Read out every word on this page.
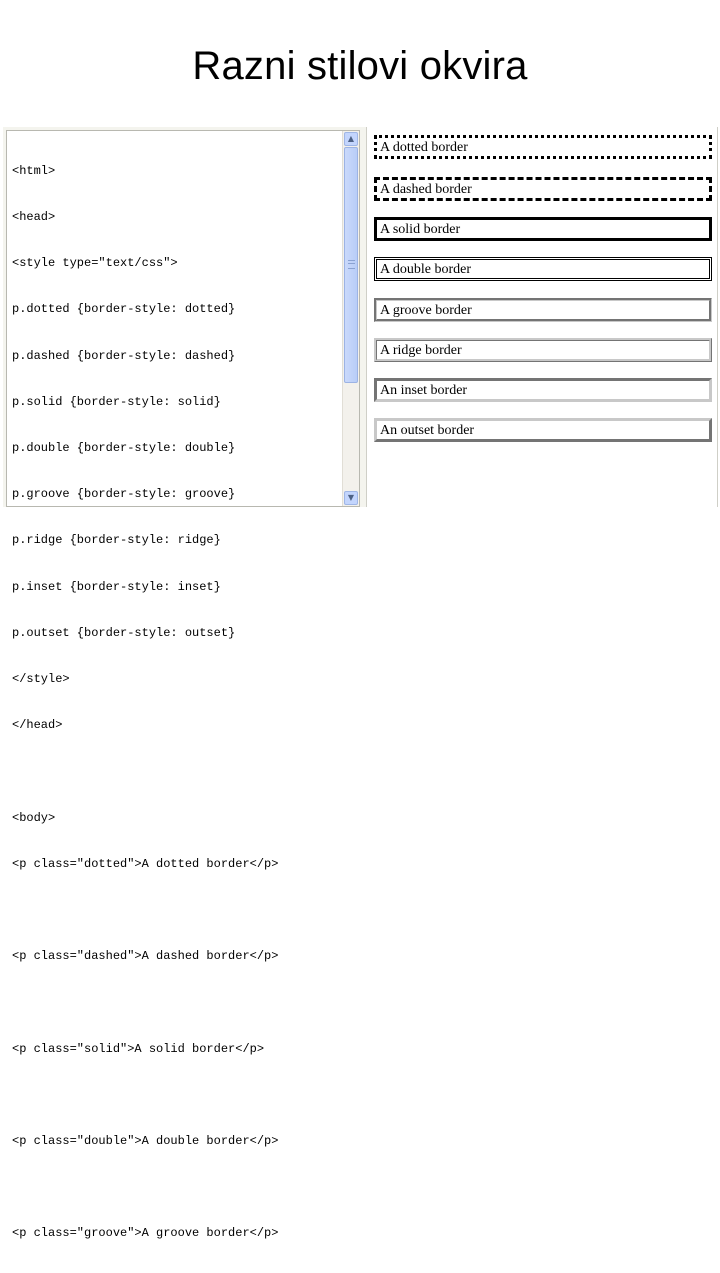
Razni stilovi okvira

<html>

<head>

<style type="text/css">

p.dotted {border-style: dotted}

p.dashed {border-style: dashed}

p.solid {border-style: solid}

p.double {border-style: double}

p.groove {border-style: groove}

p.ridge {border-style: ridge}

p.inset {border-style: inset}

p.outset {border-style: outset}

</style>

</head>

<body>

<p class="dotted">A dotted border</p>

<p class="dashed">A dashed border</p>

<p class="solid">A solid border</p>

<p class="double">A double border</p>

<p class="groove">A groove border</p>

▲
▼
A dotted border
A dashed border
A solid border
A double border
A groove border
A ridge border
An inset border
An outset border
